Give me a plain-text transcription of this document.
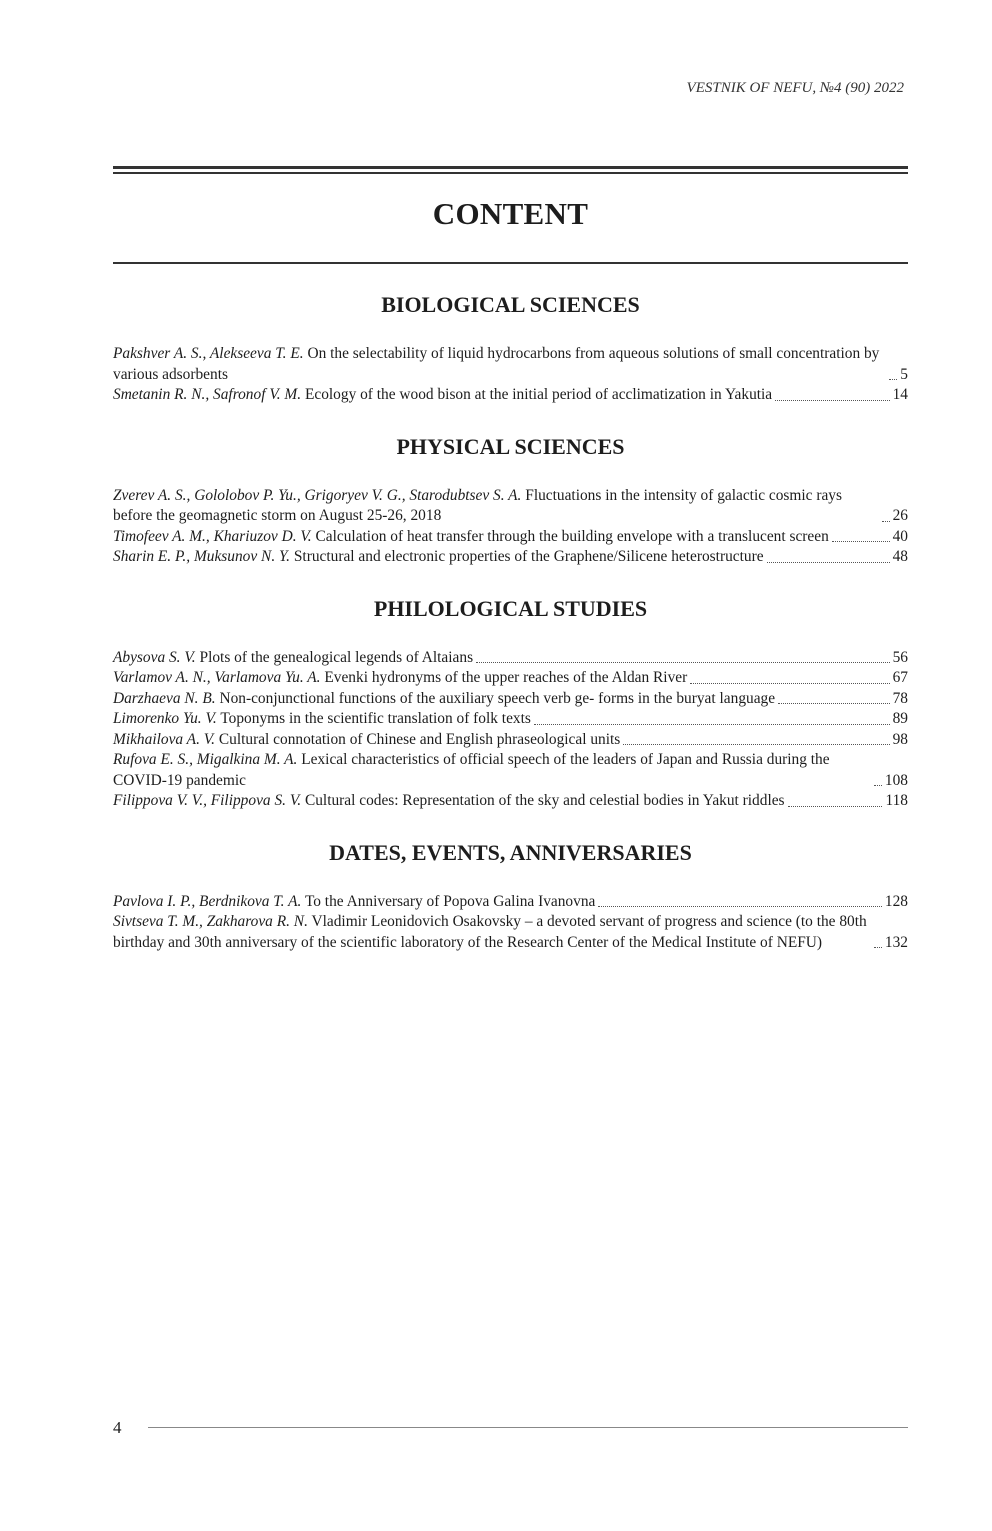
VESTNIK OF NEFU, №4 (90) 2022
CONTENT
BIOLOGICAL SCIENCES
Pakshver A. S., Alekseeva T. E. On the selectability of liquid hydrocarbons from aqueous solutions of small concentration by various adsorbents	5
Smetanin R. N., Safronof V. M. Ecology of the wood bison at the initial period of acclimatization in Yakutia	14
PHYSICAL SCIENCES
Zverev A. S., Gololobov P. Yu., Grigoryev V. G., Starodubtsev S. A. Fluctuations in the intensity of galactic cosmic rays before the geomagnetic storm on August 25-26, 2018	26
Timofeev A. M., Khariuzov D. V. Calculation of heat transfer through the building envelope with a translucent screen	40
Sharin E. P., Muksunov N. Y. Structural and electronic properties of the Graphene/Silicene heterostructure	48
PHILOLOGICAL STUDIES
Abysova S. V. Plots of the genealogical legends of Altaians	56
Varlamov A. N., Varlamova Yu. A. Evenki hydronyms of the upper reaches of the Aldan River	67
Darzhaeva N. B. Non-conjunctional functions of the auxiliary speech verb ge- forms in the buryat language	78
Limorenko Yu. V. Toponyms in the scientific translation of folk texts	89
Mikhailova A. V. Cultural connotation of Chinese and English phraseological units	98
Rufova E. S., Migalkina M. A. Lexical characteristics of official speech of the leaders of Japan and Russia during the COVID-19 pandemic	108
Filippova V. V., Filippova S. V. Cultural codes: Representation of the sky and celestial bodies in Yakut riddles	118
DATES, EVENTS, ANNIVERSARIES
Pavlova I. P., Berdnikova T. A. To the Anniversary of Popova Galina Ivanovna	128
Sivtseva T. M., Zakharova R. N. Vladimir Leonidovich Osakovsky – a devoted servant of progress and science (to the 80th birthday and 30th anniversary of the scientific laboratory of the Research Center of the Medical Institute of NEFU)	132
4
